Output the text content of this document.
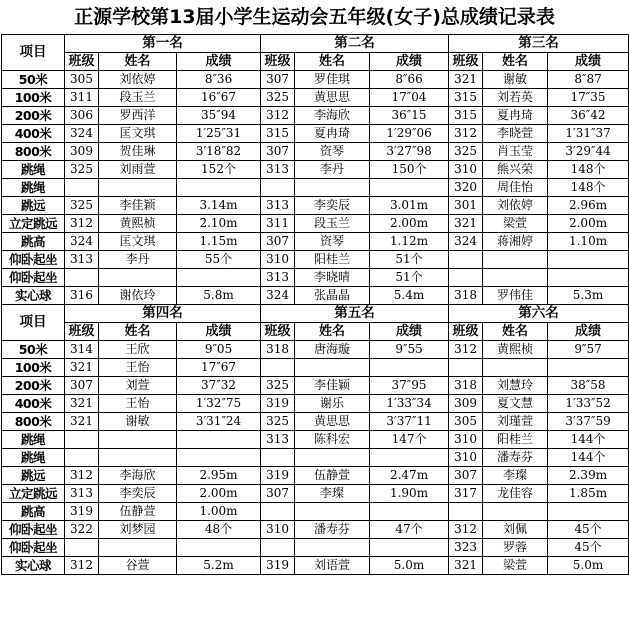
正源学校第13届小学生运动会五年级(女子)总成绩记录表
项目	第一名			第二名			第三名		
	班级	姓名	成绩	班级	姓名	成绩	班级	姓名	成绩
50米	305	刘依婷	8″36	307	罗佳琪	8″66	321	谢敏	8″87
100米	311	段玉兰	16″67	325	黄思思	17″04	315	刘若英	17″35
200米	306	罗西洋	35″94	312	李海欣	36″15	315	夏冉琦	36″42
400米	324	匡文琪	1′25″31	315	夏冉琦	1′29″06	312	李晓萱	1′31″37
800米	309	贺佳琳	3′18″82	307	资琴	3′27″98	325	肖玉莹	3′29″44
跳绳	325	刘雨萱	152个	313	李丹	150个	310	熊兴荣	148个
跳绳							320	周佳怡	148个
跳远	325	李佳颖	3.14m	313	李奕辰	3.01m	301	刘依婷	2.96m
立定跳远	312	黄熙桢	2.10m	311	段玉兰	2.00m	321	梁萱	2.00m
跳高	324	匡文琪	1.15m	307	资琴	1.12m	324	蒋湘婷	1.10m
仰卧起坐	313	李丹	55个	310	阳桂兰	51个			
仰卧起坐				313	李晓晴	51个			
实心球	316	谢依玲	5.8m	324	张晶晶	5.4m	318	罗伟佳	5.3m
项目	第四名			第五名			第六名		
	班级	姓名	成绩	班级	姓名	成绩	班级	姓名	成绩
50米	314	王欣	9″05	318	唐海璇	9″55	312	黄熙桢	9″57
100米	321	王怡	17″67						
200米	307	刘萱	37″32	325	李佳颖	37″95	318	刘慧玲	38″58
400米	321	王怡	1′32″75	319	谢乐	1′33″34	309	夏文慧	1′33″52
800米	321	谢敏	3′31″24	325	黄思思	3′37″11	305	刘瑾萱	3′37″59
跳绳				313	陈科宏	147个	310	阳桂兰	144个
跳绳							310	潘寿芬	144个
跳远	312	李海欣	2.95m	319	伍静萱	2.47m	307	李璨	2.39m
立定跳远	313	李奕辰	2.00m	307	李璨	1.90m	317	龙佳容	1.85m
跳高	319	伍静萱	1.00m						
仰卧起坐	322	刘梦园	48个	310	潘寿芬	47个	312	刘佩	45个
仰卧起坐							323	罗蓉	45个
实心球	312	谷萱	5.2m	319	刘语萱	5.0m	321	梁萱	5.0m
